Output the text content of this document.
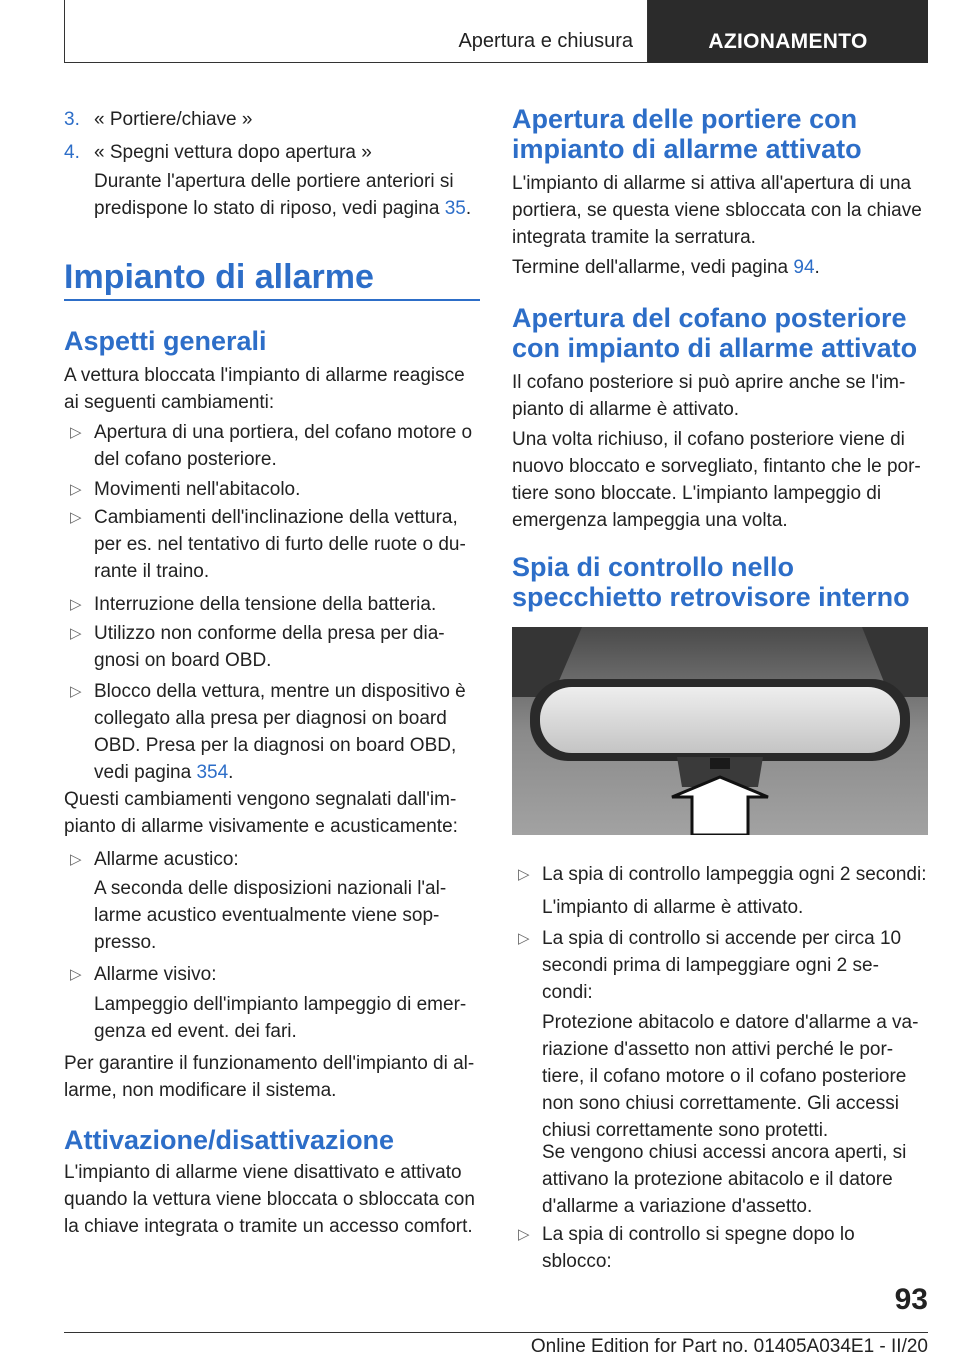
Apertura e chiusura	AZIONAMENTO
3. « Portiere/chiave »
4. « Spegni vettura dopo apertura »
Durante l'apertura delle portiere anteriori si predispone lo stato di riposo, vedi pagina 35.
Impianto di allarme
Aspetti generali

A vettura bloccata l'impianto di allarme reagisce ai seguenti cambiamenti:

▷ Apertura di una portiera, del cofano motore o del cofano posteriore.
▷ Movimenti nell'abitacolo.
▷ Cambiamenti dell'inclinazione della vettura, per es. nel tentativo di furto delle ruote o du- rante il traino.
▷ Interruzione della tensione della batteria.
▷ Utilizzo non conforme della presa per dia- gnosi on board OBD.
▷ Blocco della vettura, mentre un dispositivo è collegato alla presa per diagnosi on board OBD. Presa per la diagnosi on board OBD, vedi pagina 354.

Questi cambiamenti vengono segnalati dall'im- pianto di allarme visivamente e acusticamente:

▷ Allarme acustico:

A seconda delle disposizioni nazionali l'al- larme acustico eventualmente viene sop- presso.

▷ Allarme visivo:

Lampeggio dell'impianto lampeggio di emer- genza ed event. dei fari.

Per garantire il funzionamento dell'impianto di al- larme, non modificare il sistema.

Attivazione/disattivazione

L'impianto di allarme viene disattivato e attivato quando la vettura viene bloccata o sbloccata con la chiave integrata o tramite un accesso comfort.

Apertura delle portiere con impianto di allarme attivato

L'impianto di allarme si attiva all'apertura di una portiera, se questa viene sbloccata con la chiave integrata tramite la serratura.

Termine dell'allarme, vedi pagina 94.

Apertura del cofano posteriore con impianto di allarme attivato

Il cofano posteriore si può aprire anche se l'im- pianto di allarme è attivato.

Una volta richiuso, il cofano posteriore viene di nuovo bloccato e sorvegliato, fintanto che le por- tiere sono bloccate. L'impianto lampeggio di emergenza lampeggia una volta.

Spia di controllo nello specchietto retrovisore interno
▷ La spia di controllo lampeggia ogni 2 secondi:

L'impianto di allarme è attivato.

▷ La spia di controllo si accende per circa 10 secondi prima di lampeggiare ogni 2 se- condi:

Protezione abitacolo e datore d'allarme a va- riazione d'assetto non attivi perché le por- tiere, il cofano motore o il cofano posteriore non sono chiusi correttamente. Gli accessi chiusi correttamente sono protetti.

Se vengono chiusi accessi ancora aperti, si attivano la protezione abitacolo e il datore d'allarme a variazione d'assetto.

▷ La spia di controllo si spegne dopo lo sblocco:
93
Online Edition for Part no. 01405A034E1 - II/20
